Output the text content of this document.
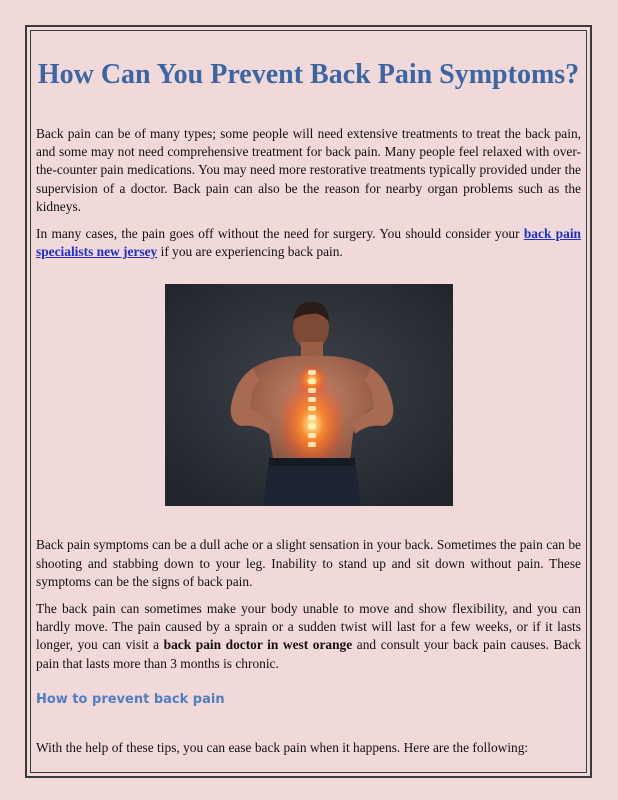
How Can You Prevent Back Pain Symptoms?

Back pain can be of many types; some people will need extensive treatments to treat the back pain, and some may not need comprehensive treatment for back pain. Many people feel relaxed with over-the-counter pain medications. You may need more restorative treatments typically provided under the supervision of a doctor. Back pain can also be the reason for nearby organ problems such as the kidneys.

In many cases, the pain goes off without the need for surgery. You should consider your back pain specialists new jersey if you are experiencing back pain.

Back pain symptoms can be a dull ache or a slight sensation in your back. Sometimes the pain can be shooting and stabbing down to your leg. Inability to stand up and sit down without pain. These symptoms can be the signs of back pain.

The back pain can sometimes make your body unable to move and show flexibility, and you can hardly move. The pain caused by a sprain or a sudden twist will last for a few weeks, or if it lasts longer, you can visit a back pain doctor in west orange and consult your back pain causes. Back pain that lasts more than 3 months is chronic.

How to prevent back pain

With the help of these tips, you can ease back pain when it happens. Here are the following:
